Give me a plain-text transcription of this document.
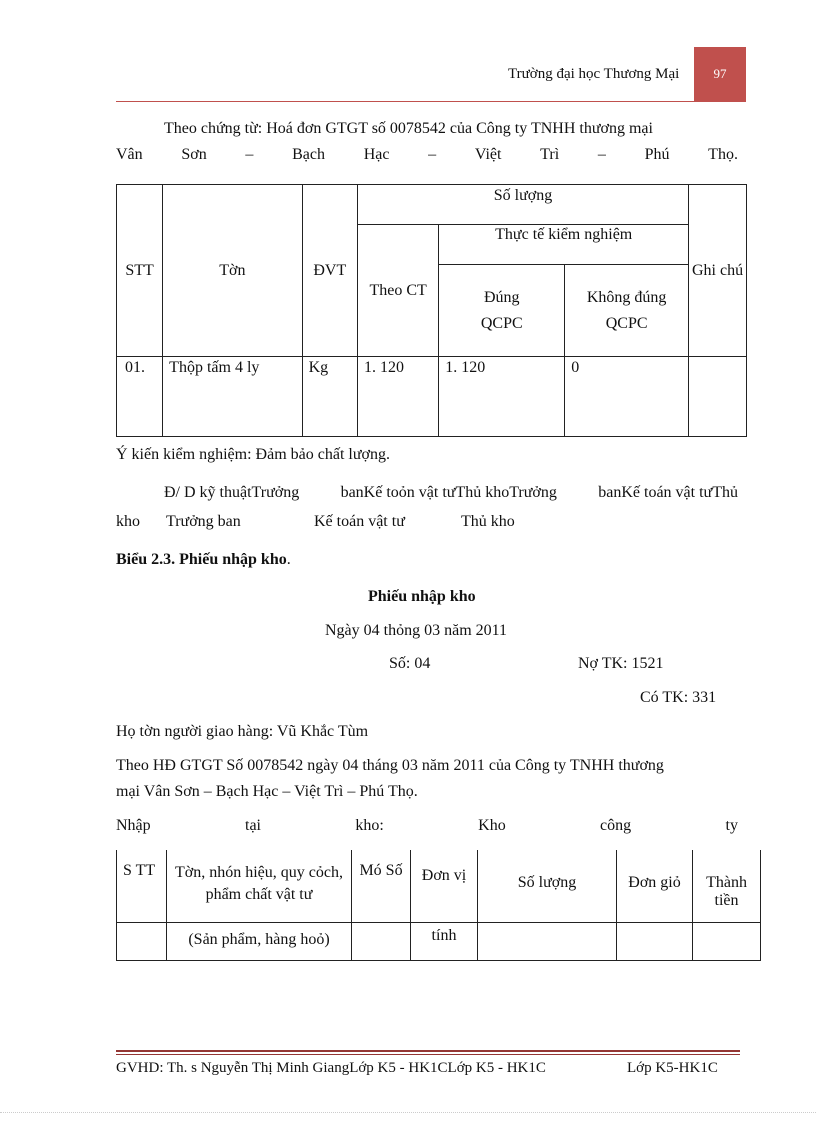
Trường đại học Thương Mại	97
Theo chứng từ: Hoá đơn GTGT số 0078542 của Công ty TNHH thương mại
Vân Sơn – Bạch Hạc – Việt Trì – Phú Thọ.
STT	Tờn	ĐVT	Số lượng			Ghi chú
			Theo CT	Thực tế kiểm nghiệm		
				Đúng QCPC	Không đúng QCPC	
01.	Thộp tấm 4 ly	Kg	1. 120	1. 120	0	
Ý kiến kiểm nghiệm: Đảm bảo chất lượng.
Đ/ D kỹ thuậtTrưởng	banKế toỏn vật tưThủ khoTrưởng	banKế toán vật tưThủ
kho Trưởng ban	Kế toán vật tư	Thủ kho
Biểu 2.3. Phiếu nhập kho.
Phiếu nhập kho
Ngày 04 thỏng 03 năm 2011
Số: 04	Nợ TK: 1521
Có TK: 331
Họ tờn người giao hàng: Vũ Khắc Tùm
Theo HĐ GTGT Số 0078542 ngày 04 tháng 03 năm 2011 của Công ty TNHH thương
mại Vân Sơn – Bạch Hạc – Việt Trì – Phú Thọ.
Nhập	tại	kho:	Kho	công	ty
S TT	Tờn, nhón hiệu, quy cỏch, phẩm chất vật tư	Mó Số	Đơn vị	Số lượng	Đơn giỏ	Thành tiền
	(Sản phẩm, hàng hoỏ)		tính			
GVHD: Th. s Nguyễn Thị Minh GiangLớp K5 - HK1CLớp K5 - HK1C	Lớp K5-HK1C
